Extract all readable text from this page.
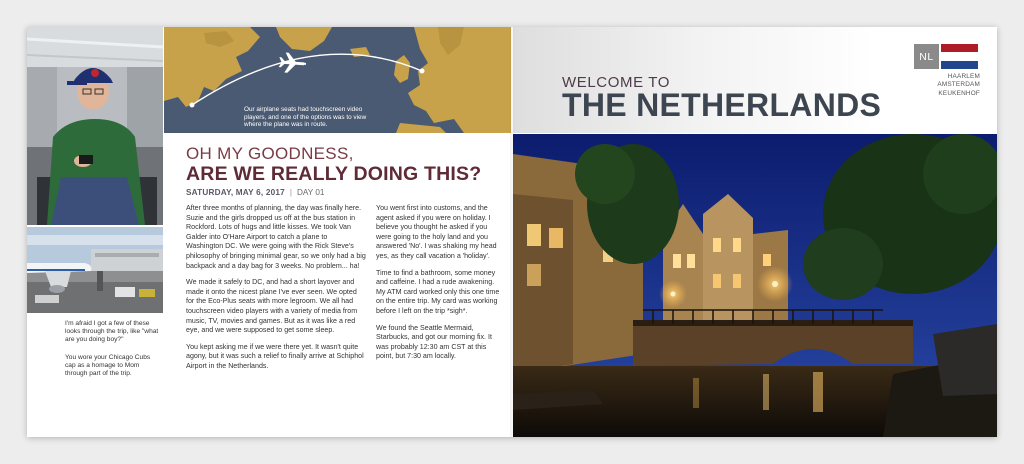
I'm afraid I got a few of these looks through the trip, like "what are you doing boy?"
You wore your Chicago Cubs cap as a homage to Mom through part of the trip.
Our airplane seats had touchscreen video players, and one of the options was to view where the plane was in route.
OH MY GOODNESS,
ARE WE REALLY DOING THIS?
SATURDAY, MAY 6, 2017 | DAY 01

After three months of planning, the day was finally here. Suzie and the girls dropped us off at the bus station in Rockford. Lots of hugs and little kisses. We took Van Galder into O'Hare Airport to catch a plane to Washington DC. We were going with the Rick Steve's philosophy of bringing minimal gear, so we only had a big backpack and a day bag for 3 weeks. No problem... ha!

We made it safely to DC, and had a short layover and made it onto the nicest plane I've ever seen. We opted for the Eco-Plus seats with more legroom. We all had touchscreen video players with a variety of media from music, TV, movies and games. But as it was like a red eye, and we were supposed to get some sleep.

You kept asking me if we were there yet. It wasn't quite agony, but it was such a relief to finally arrive at Schiphol Airport in the Netherlands.

You went first into customs, and the agent asked if you were on holiday. I believe you thought he asked if you were going to the holy land and you answered 'No'. I was shaking my head yes, as they call vacation a 'holiday'.

Time to find a bathroom, some money and caffeine. I had a rude awakening. My ATM card worked only this one time on the entire trip. My card was working before I left on the trip *sigh*.

We found the Seattle Mermaid, Starbucks, and got our morning fix. It was probably 12:30 am CST at this point, but 7:30 am locally.

WELCOME TO
THE NETHERLANDS
NL
HAARLEM
AMSTERDAM
KEUKENHOF
